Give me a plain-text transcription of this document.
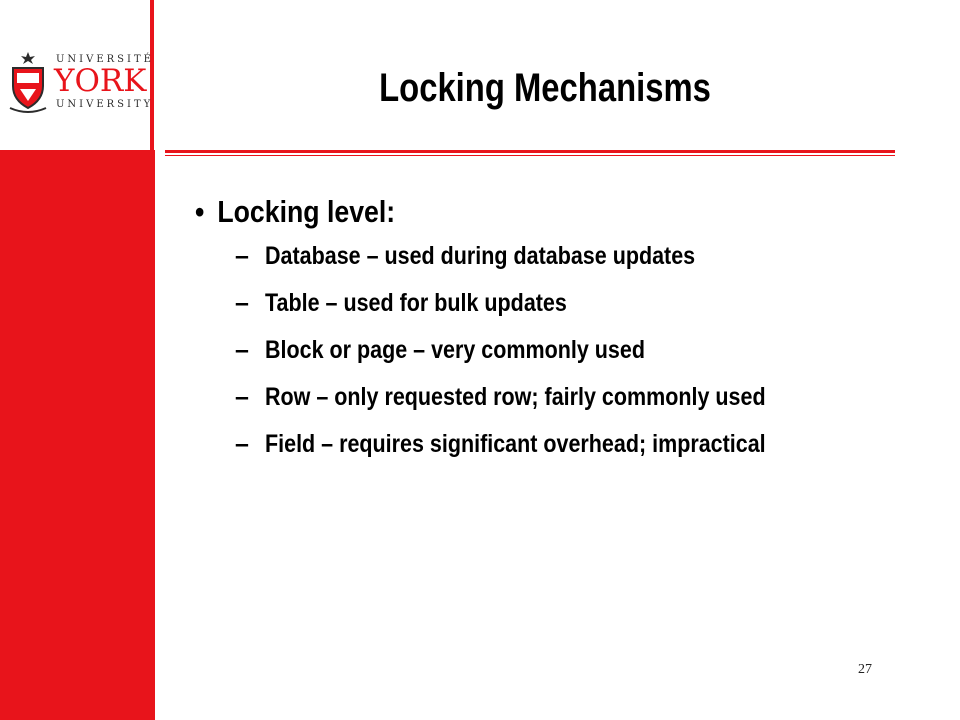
UNIVERSITÉ
YORK
UNIVERSITY	Locking Mechanisms
• Locking level:
– Database – used during database updates
– Table – used for bulk updates
– Block or page – very commonly used
– Row – only requested row; fairly commonly used
– Field – requires significant overhead; impractical
27
